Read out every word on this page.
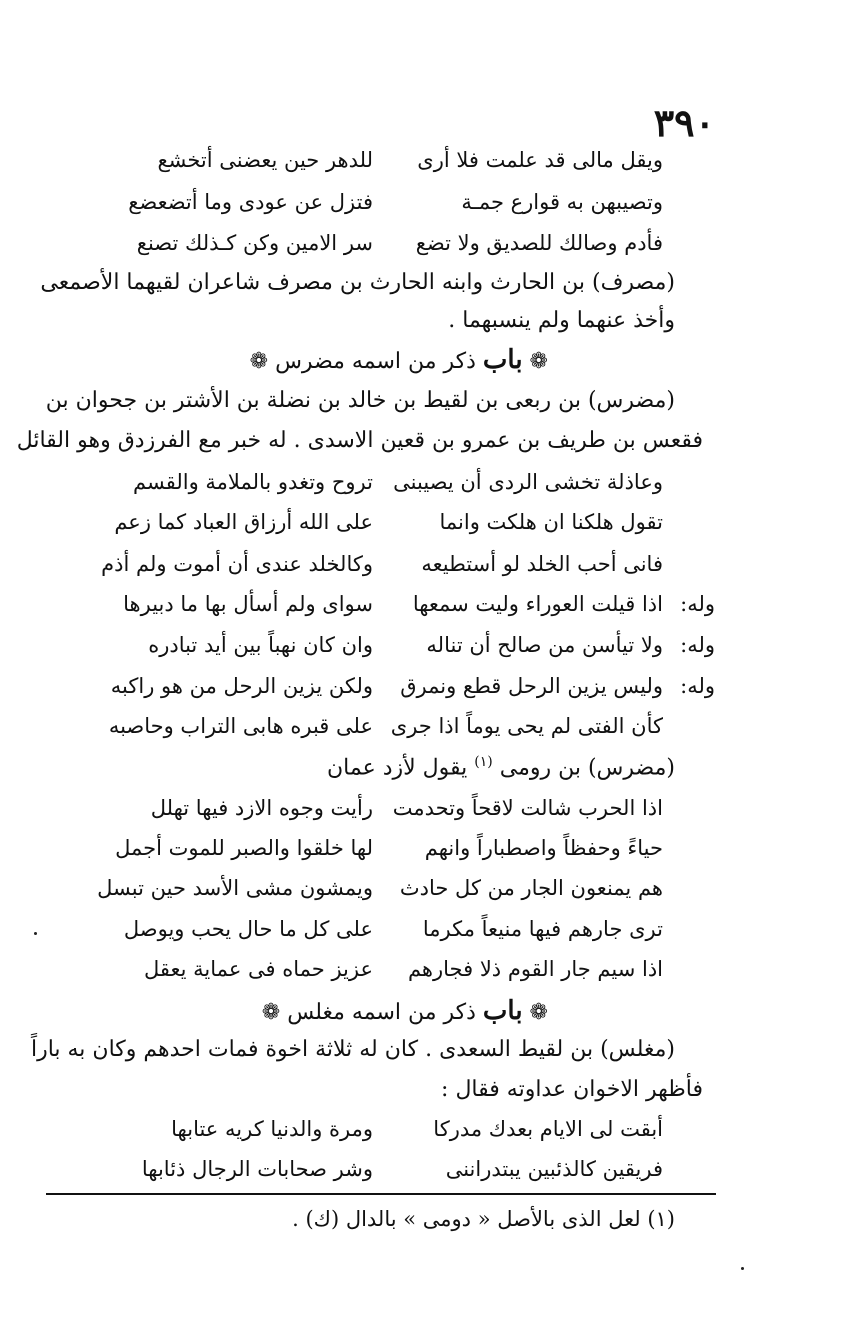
٣٩٠
ويقل مالى قد علمت فلا أرى
للدهر حين يعضنى أتخشع
وتصيبهن به قوارع جمـة
فتزل عن عودى وما أتضعضع
فأدم وصالك للصديق ولا تضع
سر الامين وكن كـذلك تصنع
(مصرف) بن الحارث وابنه الحارث بن مصرف شاعران لقيهما الأصمعى
وأخذ عنهما ولم ينسبهما .
❁ باب ذكر من اسمه مضرس ❁
(مضرس) بن ربعى بن لقيط بن خالد بن نضلة بن الأشتر بن جحوان بن
فقعس بن طريف بن عمرو بن قعين الاسدى . له خبر مع الفرزدق وهو القائل
وعاذلة تخشى الردى أن يصيبنى
تروح وتغدو بالملامة والقسم
تقول هلكنا ان هلكت وانما
على الله أرزاق العباد كما زعم
فانى أحب الخلد لو أستطيعه
وكالخلد عندى أن أموت ولم أذم
وله:
اذا قيلت العوراء وليت سمعها
سواى ولم أسأل بها ما دبيرها
وله:
ولا تيأسن من صالح أن تناله
وان كان نهباً بين أيد تبادره
وله:
وليس يزين الرحل قطع ونمرق
ولكن يزين الرحل من هو راكبه
كأن الفتى لم يحى يوماً اذا جرى
على قبره هابى التراب وحاصبه
(مضرس) بن رومى $^{(١)}$ يقول لأزد عمان
اذا الحرب شالت لاقحاً وتحدمت
رأيت وجوه الازد فيها تهلل
حياءً وحفظاً واصطباراً وانهم
لها خلقوا والصبر للموت أجمل
هم يمنعون الجار من كل حادث
ويمشون مشى الأسد حين تبسل
ترى جارهم فيها منيعاً مكرما
على كل ما حال يحب ويوصل
اذا سيم جار القوم ذلا فجارهم
عزيز حماه فى عماية يعقل
❁ باب ذكر من اسمه مغلس ❁
(مغلس) بن لقيط السعدى . كان له ثلاثة اخوة فمات احدهم وكان به باراً
فأظهر الاخوان عداوته فقال :
أبقت لى الايام بعدك مدركا
ومرة والدنيا كريه عتابها
فريقين كالذئبين يبتدراننى
وشر صحابات الرجال ذئابها
(١) لعل الذى بالأصل « دومى » بالدال (ك) .
